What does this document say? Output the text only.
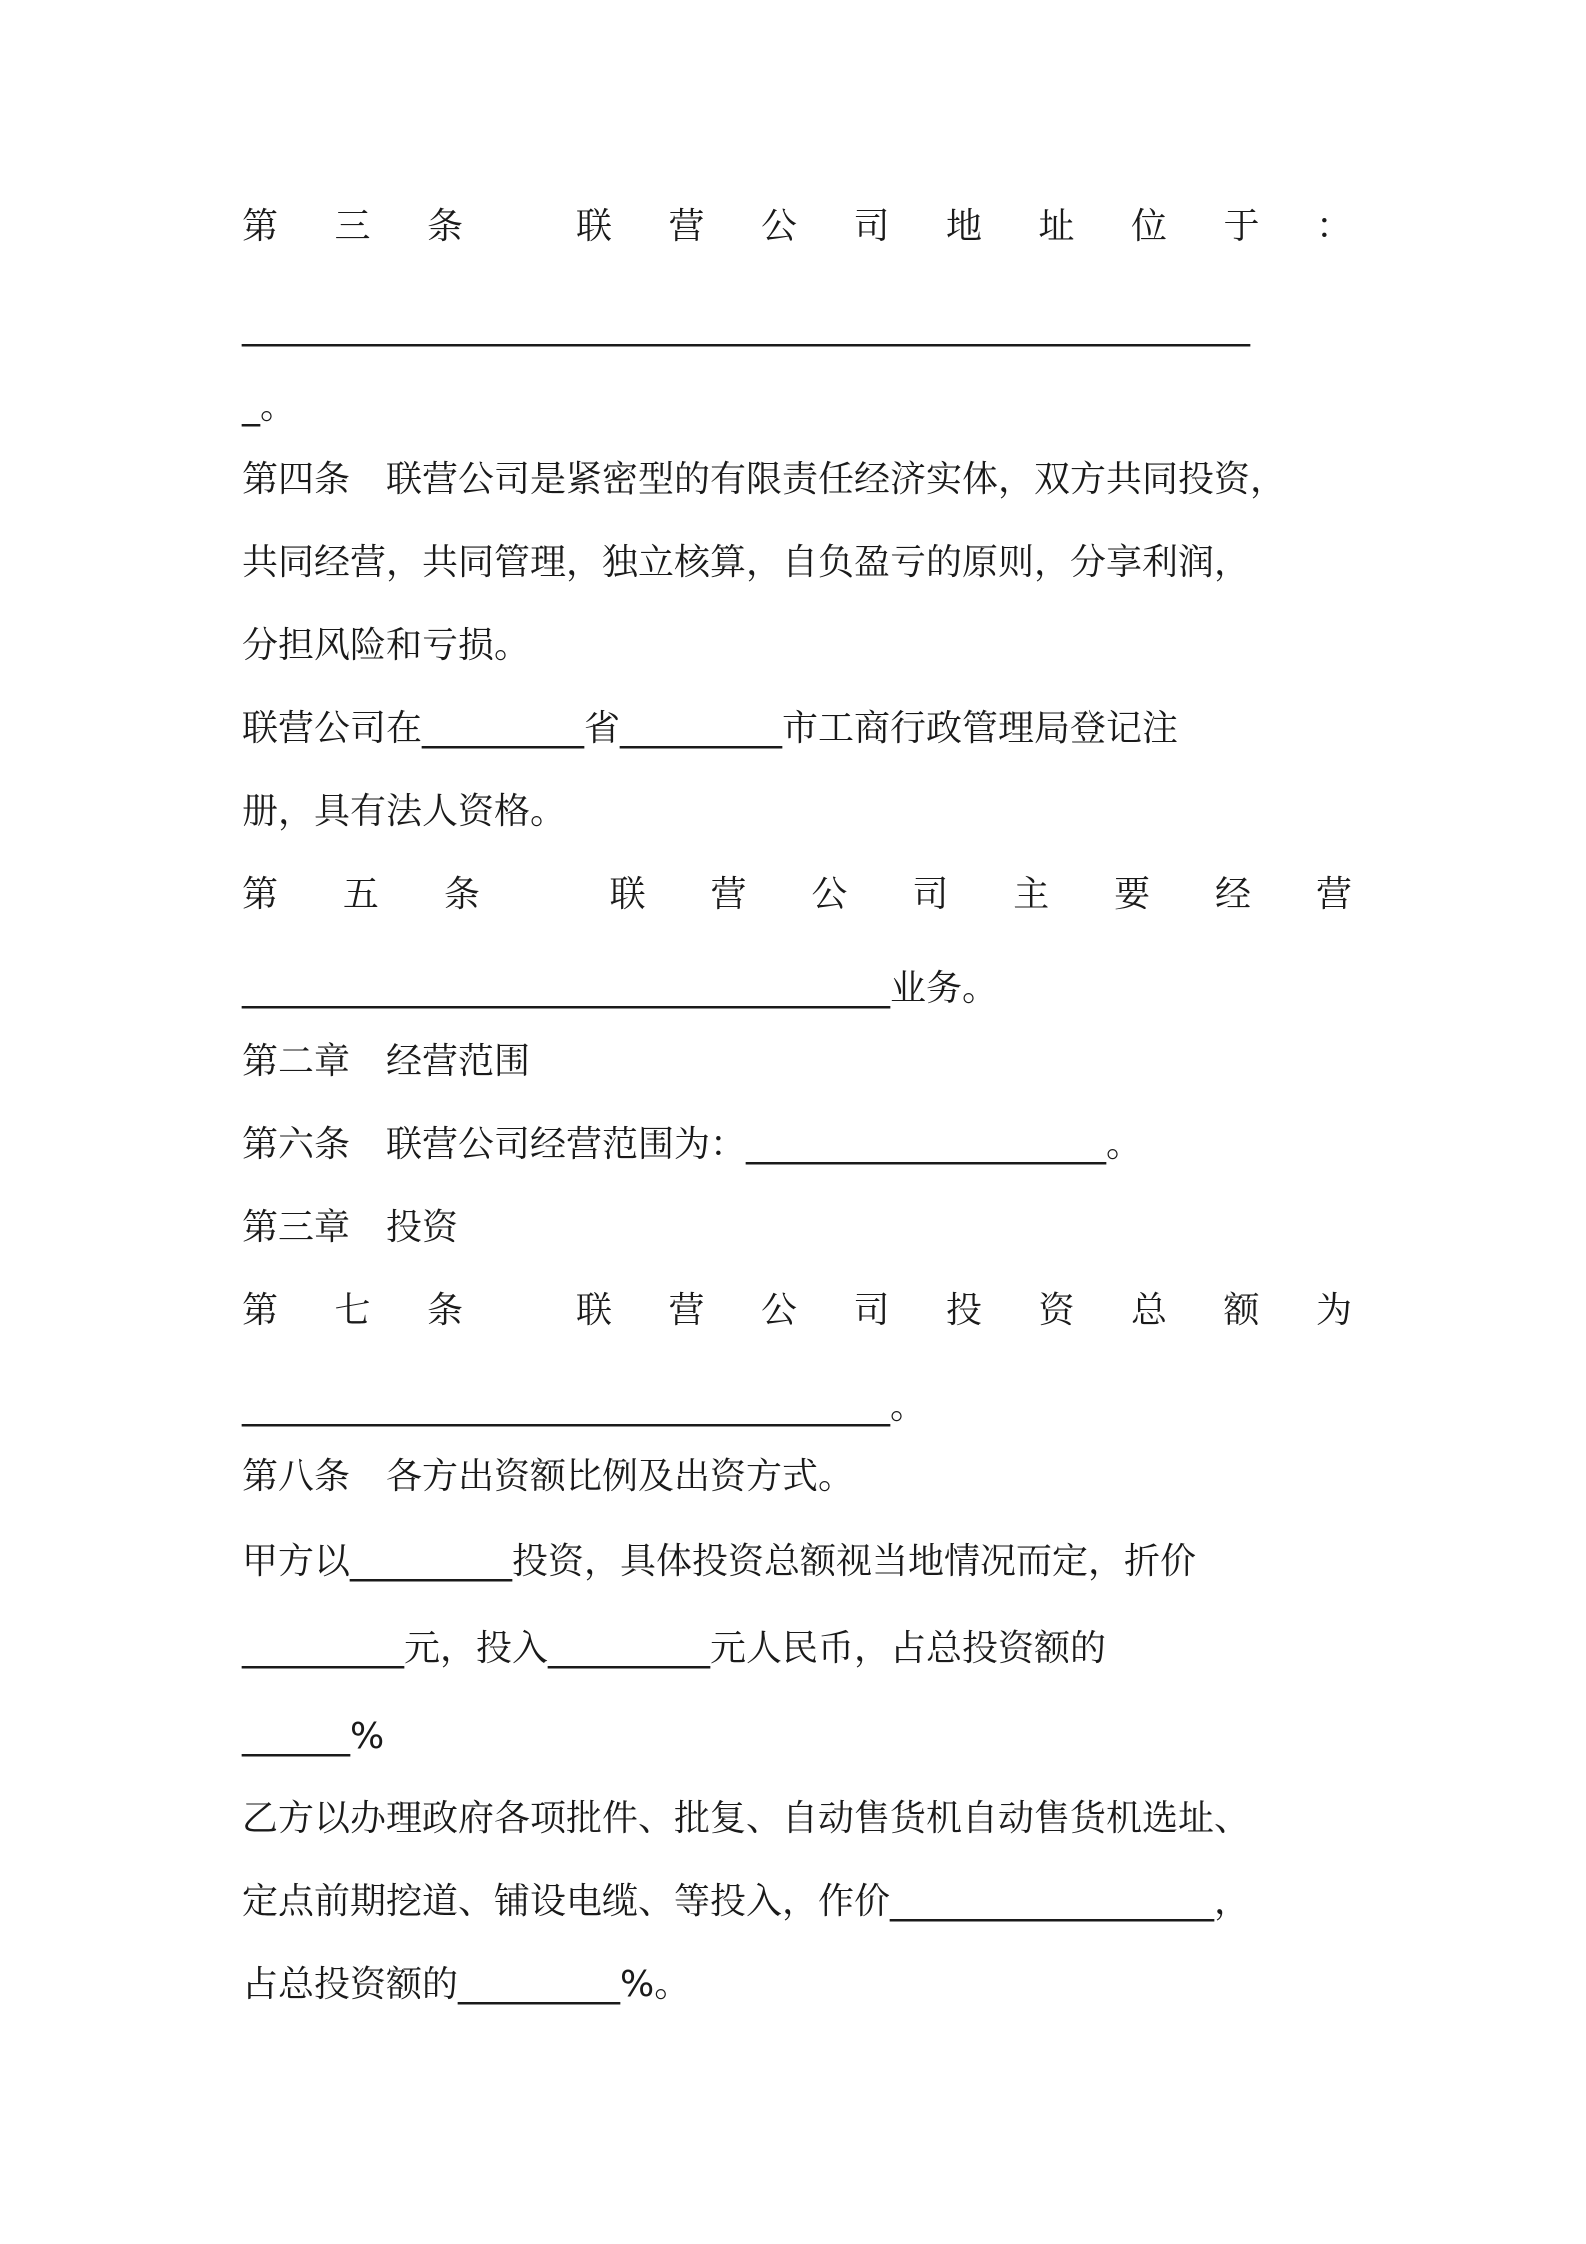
第 三 条	联 营 公 司 地 址 位 于 ：
________________________________________________________
_。
第四条　联营公司是紧密型的有限责任经济实体，双方共同投资，
共同经营，共同管理，独立核算，自负盈亏的原则，分享利润，
分担风险和亏损。
联营公司在_________省_________市工商行政管理局登记注
册，具有法人资格。
第 五 条	联 营 公 司 主 要 经 营
____________________________________业务。
第二章　经营范围
第六条　联营公司经营范围为：____________________。
第三章　投资
第 七 条	联 营 公 司 投 资 总 额 为
____________________________________。
第八条　各方出资额比例及出资方式。
甲方以_________投资，具体投资总额视当地情况而定，折价
_________元，投入_________元人民币，占总投资额的
______%
乙方以办理政府各项批件、批复、自动售货机自动售货机选址、
定点前期挖道、铺设电缆、等投入，作价__________________，
占总投资额的_________%。
